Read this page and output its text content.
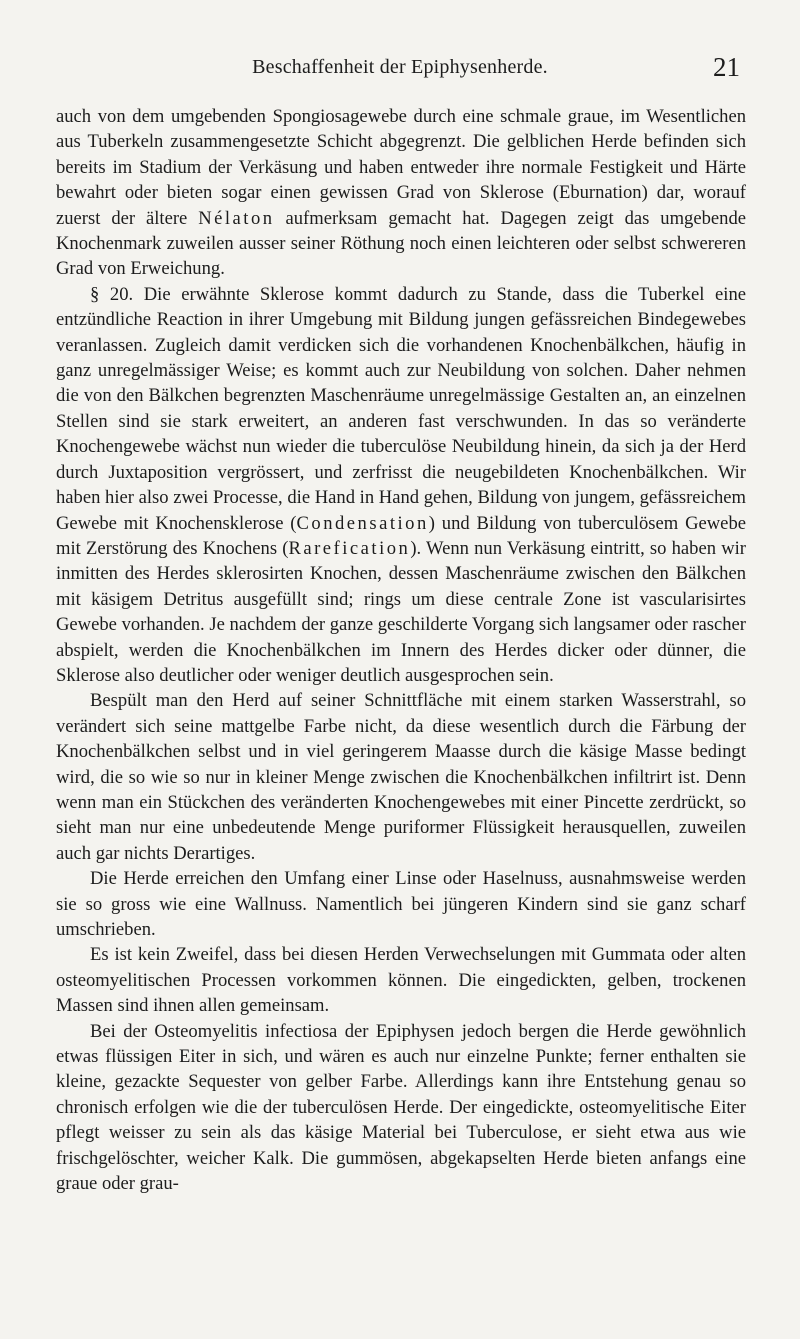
Beschaffenheit der Epiphysenherde.	21

auch von dem umgebenden Spongiosagewebe durch eine schmale graue, im Wesentlichen aus Tuberkeln zusammengesetzte Schicht abgegrenzt. Die gelblichen Herde befinden sich bereits im Stadium der Verkäsung und haben entweder ihre normale Festigkeit und Härte bewahrt oder bieten sogar einen gewissen Grad von Sklerose (Eburnation) dar, worauf zuerst der ältere Nélaton aufmerksam gemacht hat. Dagegen zeigt das umgebende Knochenmark zuweilen ausser seiner Röthung noch einen leichteren oder selbst schwereren Grad von Erweichung.

§ 20. Die erwähnte Sklerose kommt dadurch zu Stande, dass die Tuberkel eine entzündliche Reaction in ihrer Umgebung mit Bildung jungen gefässreichen Bindegewebes veranlassen. Zugleich damit verdicken sich die vorhandenen Knochenbälkchen, häufig in ganz unregelmässiger Weise; es kommt auch zur Neubildung von solchen. Daher nehmen die von den Bälkchen begrenzten Maschenräume unregelmässige Gestalten an, an einzelnen Stellen sind sie stark erweitert, an anderen fast verschwunden. In das so veränderte Knochengewebe wächst nun wieder die tuberculöse Neubildung hinein, da sich ja der Herd durch Juxtaposition vergrössert, und zerfrisst die neugebildeten Knochenbälkchen. Wir haben hier also zwei Processe, die Hand in Hand gehen, Bildung von jungem, gefässreichem Gewebe mit Knochensklerose (Condensation) und Bildung von tuberculösem Gewebe mit Zerstörung des Knochens (Rarefication). Wenn nun Verkäsung eintritt, so haben wir inmitten des Herdes sklerosirten Knochen, dessen Maschenräume zwischen den Bälkchen mit käsigem Detritus ausgefüllt sind; rings um diese centrale Zone ist vascularisirtes Gewebe vorhanden. Je nachdem der ganze geschilderte Vorgang sich langsamer oder rascher abspielt, werden die Knochenbälkchen im Innern des Herdes dicker oder dünner, die Sklerose also deutlicher oder weniger deutlich ausgesprochen sein.

Bespült man den Herd auf seiner Schnittfläche mit einem starken Wasserstrahl, so verändert sich seine mattgelbe Farbe nicht, da diese wesentlich durch die Färbung der Knochenbälkchen selbst und in viel geringerem Maasse durch die käsige Masse bedingt wird, die so wie so nur in kleiner Menge zwischen die Knochenbälkchen infiltrirt ist. Denn wenn man ein Stückchen des veränderten Knochengewebes mit einer Pincette zerdrückt, so sieht man nur eine unbedeutende Menge puriformer Flüssigkeit herausquellen, zuweilen auch gar nichts Derartiges.

Die Herde erreichen den Umfang einer Linse oder Haselnuss, ausnahmsweise werden sie so gross wie eine Wallnuss. Namentlich bei jüngeren Kindern sind sie ganz scharf umschrieben.

Es ist kein Zweifel, dass bei diesen Herden Verwechselungen mit Gummata oder alten osteomyelitischen Processen vorkommen können. Die eingedickten, gelben, trockenen Massen sind ihnen allen gemeinsam.

Bei der Osteomyelitis infectiosa der Epiphysen jedoch bergen die Herde gewöhnlich etwas flüssigen Eiter in sich, und wären es auch nur einzelne Punkte; ferner enthalten sie kleine, gezackte Sequester von gelber Farbe. Allerdings kann ihre Entstehung genau so chronisch erfolgen wie die der tuberculösen Herde. Der eingedickte, osteomyelitische Eiter pflegt weisser zu sein als das käsige Material bei Tuberculose, er sieht etwa aus wie frischgelöschter, weicher Kalk. Die gummösen, abgekapselten Herde bieten anfangs eine graue oder grau-
